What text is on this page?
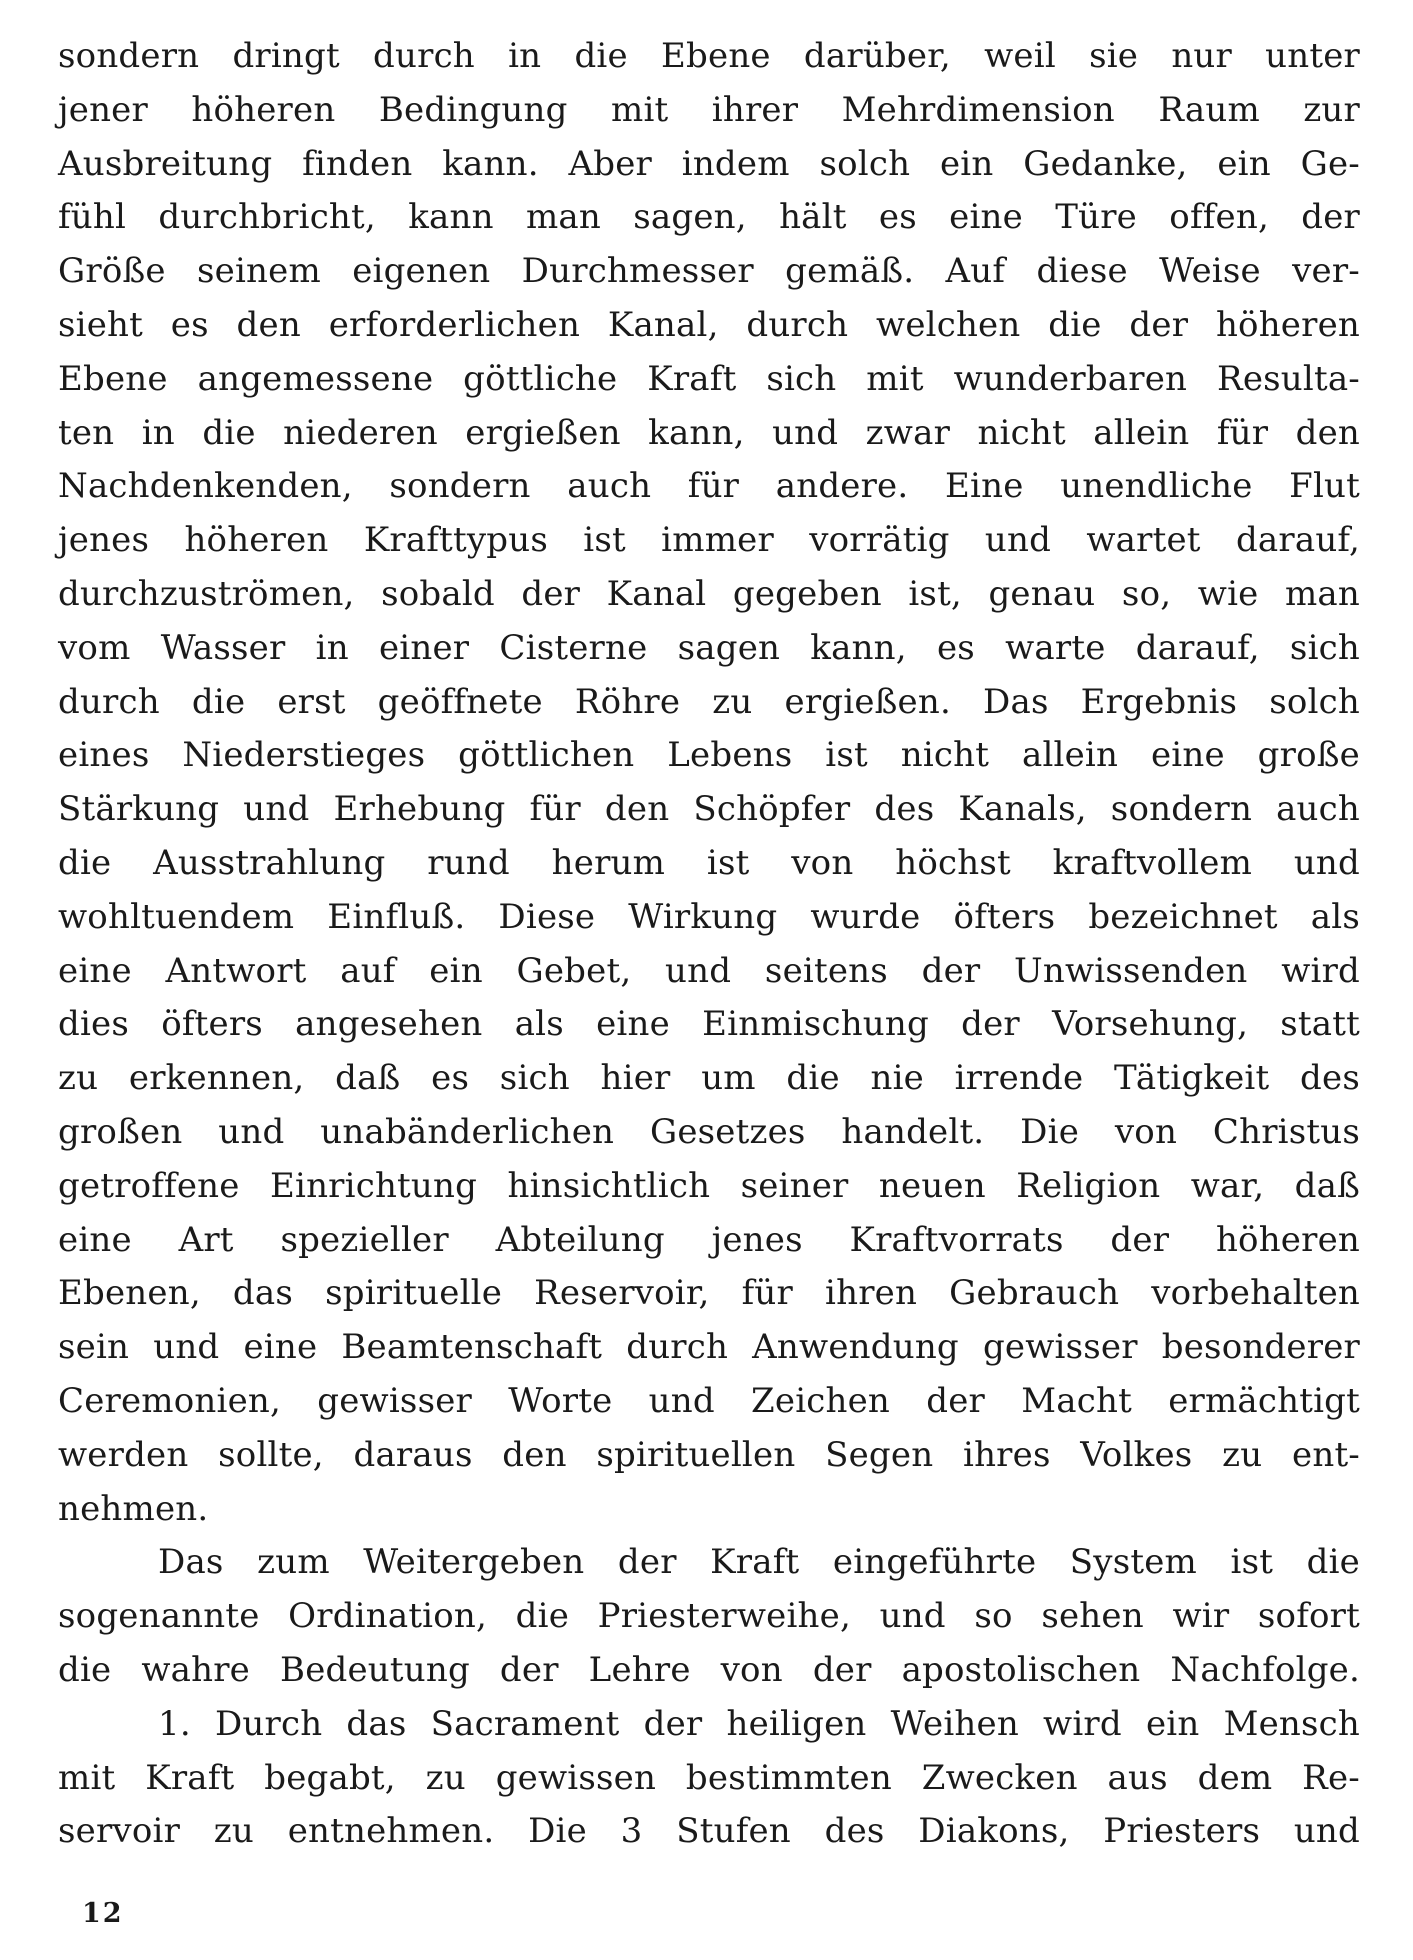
sondern dringt durch in die Ebene darüber, weil sie nur unter
jener höheren Bedingung mit ihrer Mehrdimension Raum zur
Ausbreitung finden kann. Aber indem solch ein Gedanke, ein Ge-
fühl durchbricht, kann man sagen, hält es eine Türe offen, der
Größe seinem eigenen Durchmesser gemäß. Auf diese Weise ver-
sieht es den erforderlichen Kanal, durch welchen die der höheren
Ebene angemessene göttliche Kraft sich mit wunderbaren Resulta-
ten in die niederen ergießen kann, und zwar nicht allein für den
Nachdenkenden, sondern auch für andere. Eine unendliche Flut
jenes höheren Krafttypus ist immer vorrätig und wartet darauf,
durchzuströmen, sobald der Kanal gegeben ist, genau so, wie man
vom Wasser in einer Cisterne sagen kann, es warte darauf, sich
durch die erst geöffnete Röhre zu ergießen. Das Ergebnis solch
eines Niederstieges göttlichen Lebens ist nicht allein eine große
Stärkung und Erhebung für den Schöpfer des Kanals, sondern auch
die Ausstrahlung rund herum ist von höchst kraftvollem und
wohltuendem Einfluß. Diese Wirkung wurde öfters bezeichnet als
eine Antwort auf ein Gebet, und seitens der Unwissenden wird
dies öfters angesehen als eine Einmischung der Vorsehung, statt
zu erkennen, daß es sich hier um die nie irrende Tätigkeit des
großen und unabänderlichen Gesetzes handelt. Die von Christus
getroffene Einrichtung hinsichtlich seiner neuen Religion war, daß
eine Art spezieller Abteilung jenes Kraftvorrats der höheren
Ebenen, das spirituelle Reservoir, für ihren Gebrauch vorbehalten
sein und eine Beamtenschaft durch Anwendung gewisser besonderer
Ceremonien, gewisser Worte und Zeichen der Macht ermächtigt
werden sollte, daraus den spirituellen Segen ihres Volkes zu ent-
nehmen.
Das zum Weitergeben der Kraft eingeführte System ist die
sogenannte Ordination, die Priesterweihe, und so sehen wir sofort
die wahre Bedeutung der Lehre von der apostolischen Nachfolge.
1. Durch das Sacrament der heiligen Weihen wird ein Mensch
mit Kraft begabt, zu gewissen bestimmten Zwecken aus dem Re-
servoir zu entnehmen. Die 3 Stufen des Diakons, Priesters und
12
